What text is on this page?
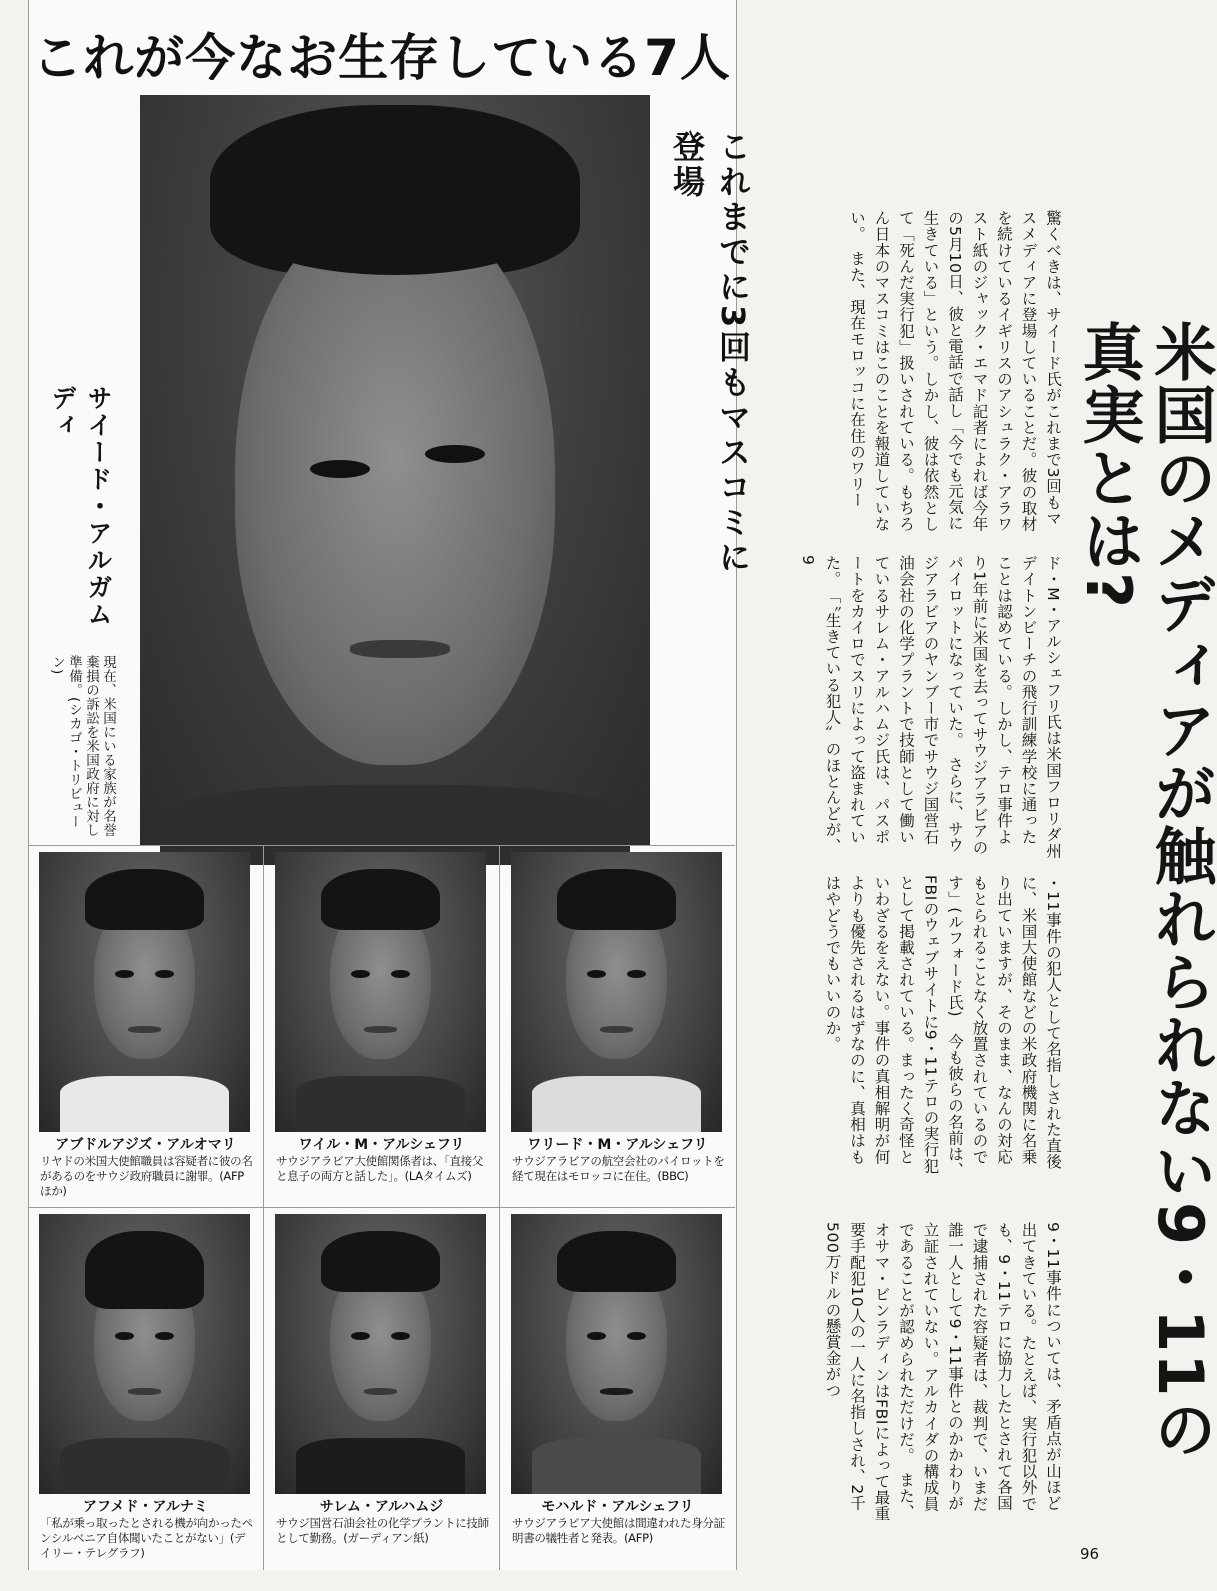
これが今なお生存している7人
これまでに3回もマスコミに登場
サイード・アルガムディ
現在、米国にいる家族が名誉棄損の訴訟を米国政府に対し準備。(シカゴ・トリビューン)
アブドルアジズ・アルオマリ
リヤドの米国大使館職員は容疑者に彼の名があるのをサウジ政府職員に謝罪。(AFPほか)
ワイル・M・アルシェフリ
サウジアラビア大使館関係者は、「直接父と息子の両方と話した」。(LAタイムズ)
ワリード・M・アルシェフリ
サウジアラビアの航空会社のパイロットを経て現在はモロッコに在住。(BBC)
アフメド・アルナミ
「私が乗っ取ったとされる機が向かったペンシルベニア自体聞いたことがない」(デイリー・テレグラフ)
サレム・アルハムジ
サウジ国営石油会社の化学プラントに技師として勤務。(ガーディアン紙)
モハルド・アルシェフリ
サウジアラビア大使館は間違われた身分証明書の犠牲者と発表。(AFP)
米国のメディアが触れられない9・11の真実とは?
驚くべきは、サイード氏がこれまで3回もマスメディアに登場していることだ。彼の取材を続けているイギリスのアシュラク・アラワスト紙のジャック・エマド記者によれば今年の5月10日、彼と電話で話し「今でも元気に生きている」という。しかし、彼は依然として「死んだ実行犯」扱いされている。もちろん日本のマスコミはこのことを報道していない。　また、現在モロッコに在住のワリー
ド・M・アルシェフリ氏は米国フロリダ州デイトンビーチの飛行訓練学校に通ったことは認めている。しかし、テロ事件より1年前に米国を去ってサウジアラビアのパイロットになっていた。　さらに、サウジアラビアのヤンブー市でサウジ国営石油会社の化学プラントで技師として働いているサレム・アルハムジ氏は、パスポートをカイロでスリによって盗まれていた。　「〝生きている犯人〟のほとんどが、9
・11事件の犯人として名指しされた直後に、米国大使館などの米政府機関に名乗り出ていますが、そのまま、なんの対応もとられることなく放置されているのです」(ルフォード氏)　今も彼らの名前は、FBIのウェブサイトに9・11テロの実行犯として掲載されている。まったく奇怪といわざるをえない。事件の真相解明が何よりも優先されるはずなのに、真相はもはやどうでもいいのか。
9・11事件については、矛盾点が山ほど出てきている。たとえば、実行犯以外でも、9・11テロに協力したとされて各国で逮捕された容疑者は、裁判で、いまだ誰一人として9・11事件とのかかわりが立証されていない。アルカイダの構成員であることが認められただけだ。　また、オサマ・ビンラディンはFBIによって最重要手配犯10人の一人に名指しされ、2千500万ドルの懸賞金がつ
96
